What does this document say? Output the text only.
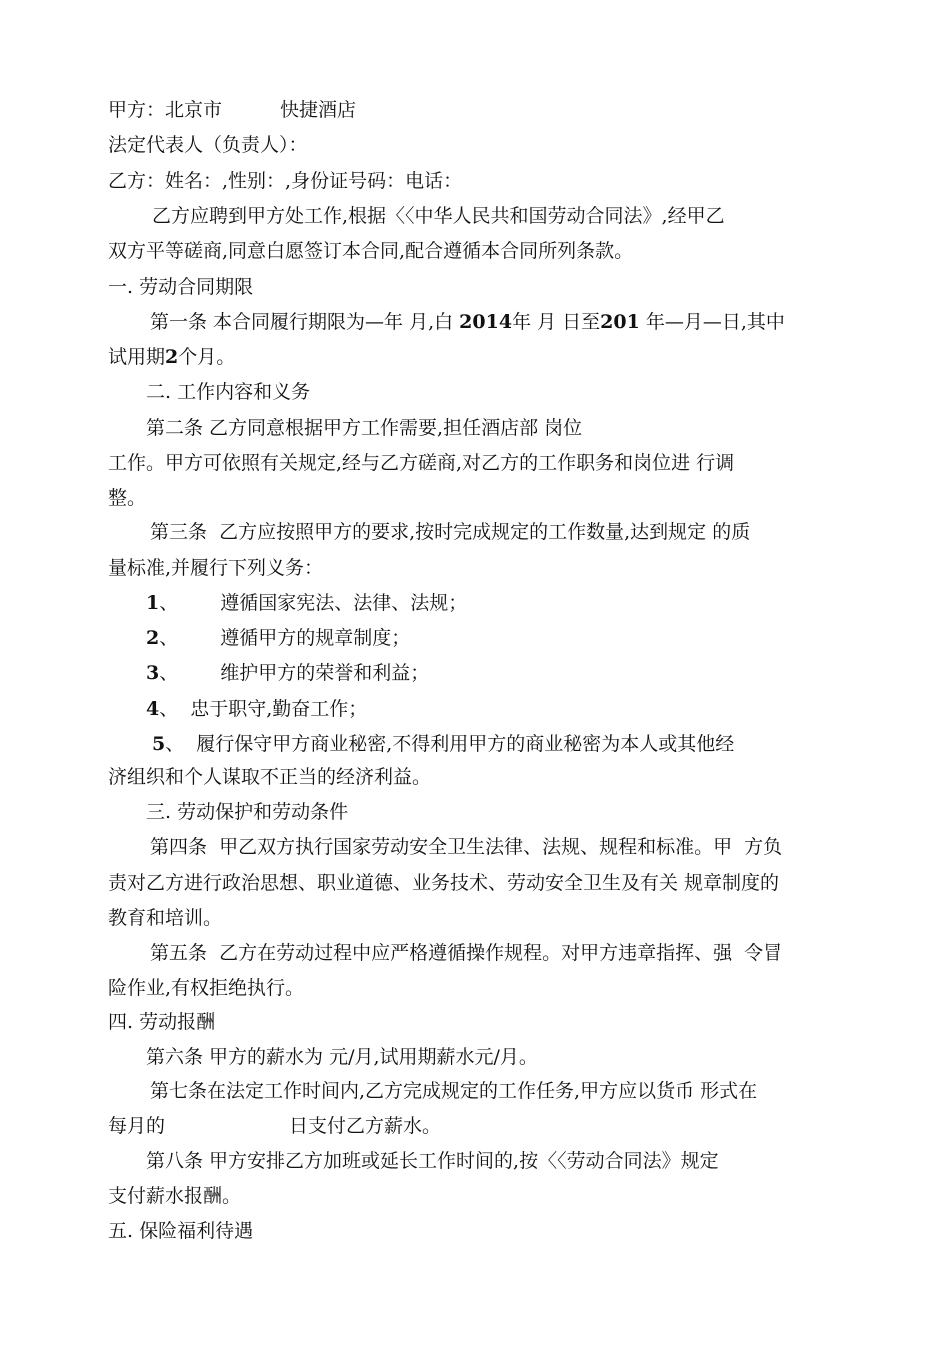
甲方：北京市	快捷酒店

法定代表人（负责人）：

乙方：姓名：,性别：,身份证号码：电话：

乙方应聘到甲方处工作,根据〈〈中华人民共和国劳动合同法》,经甲乙

双方平等磋商,同意白愿签订本合同,配合遵循本合同所列条款。

一. 劳动合同期限

第一条 本合同履行期限为—年 月,白 2014年 月 日至201 年—月—日,其中

试用期2个月。

二. 工作内容和义务

第二条 乙方同意根据甲方工作需要,担任酒店部 岗位

工作。甲方可依照有关规定,经与乙方磋商,对乙方的工作职务和岗位进 行调

整。

第三条  乙方应按照甲方的要求,按时完成规定的工作数量,达到规定 的质

量标准,并履行下列义务：

1、 遵循国家宪法、法律、法规；

2、 遵循甲方的规章制度；

3、 维护甲方的荣誉和利益；

4、 忠于职守,勤奋工作；

5、 履行保守甲方商业秘密,不得利用甲方的商业秘密为本人或其他经

济组织和个人谋取不正当的经济利益。

三. 劳动保护和劳动条件

第四条  甲乙双方执行国家劳动安全卫生法律、法规、规程和标准。甲  方负

责对乙方进行政治思想、职业道德、业务技术、劳动安全卫生及有关 规章制度的

教育和培训。

第五条  乙方在劳动过程中应严格遵循操作规程。对甲方违章指挥、强  令冒

险作业,有权拒绝执行。

四. 劳动报酬

第六条 甲方的薪水为 元/月,试用期薪水元/月。

第七条在法定工作时间内,乙方完成规定的工作任务,甲方应以货币 形式在

每月的	日支付乙方薪水。

第八条 甲方安排乙方加班或延长工作时间的,按〈〈劳动合同法》规定

支付薪水报酬。

五. 保险福利待遇
